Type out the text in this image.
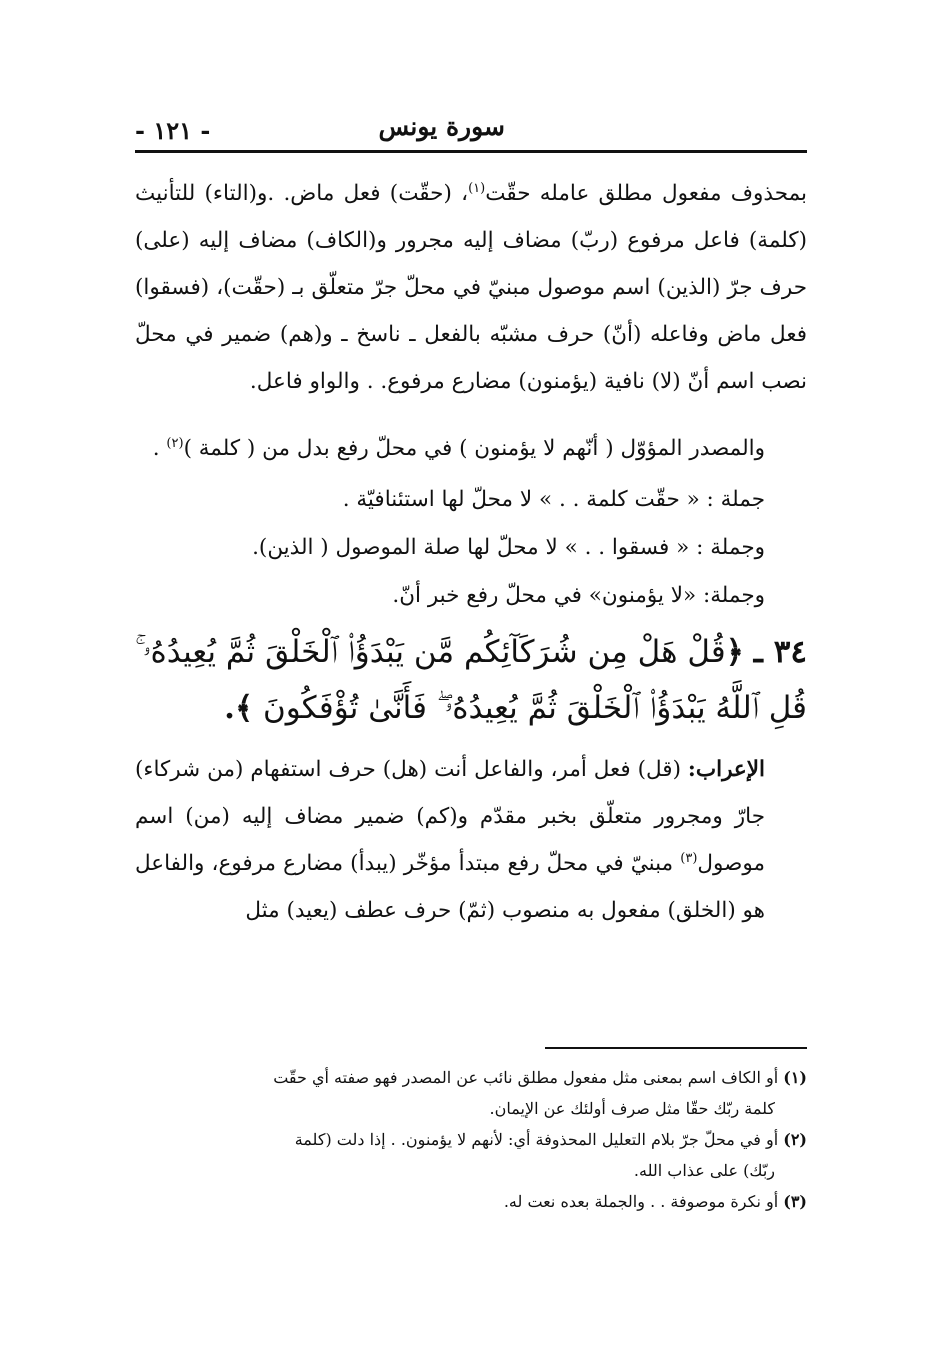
سورة يونس
- ١٢١ -

بمحذوف مفعول مطلق عامله حقّت$^{(١)}$، (حقّت) فعل ماض. .و(التاء) للتأنيث (كلمة) فاعل مرفوع (ربّ) مضاف إليه مجرور و(الكاف) مضاف إليه (على) حرف جرّ (الذين) اسم موصول مبنيّ في محلّ جرّ متعلّق بـ (حقّت)، (فسقوا) فعل ماض وفاعله (أنّ) حرف مشبّه بالفعل ـ ناسخ ـ و(هم) ضمير في محلّ نصب اسم أنّ (لا) نافية (يؤمنون) مضارع مرفوع. . والواو فاعل.

والمصدر المؤوّل ( أنّهم لا يؤمنون ) في محلّ رفع بدل من ( كلمة )$^{(٢)}$ .

جملة : « حقّت كلمة . . » لا محلّ لها استئنافيّة .

وجملة : « فسقوا . . » لا محلّ لها صلة الموصول ( الذين).

وجملة: «لا يؤمنون» في محلّ رفع خبر أنّ.

٣٤ ـ ﴿قُلْ هَلْ مِن شُرَكَآئِكُم مَّن يَبْدَؤُا۟ ٱلْخَلْقَ ثُمَّ يُعِيدُهُۥ ۚ قُلِ ٱللَّهُ يَبْدَؤُا۟ ٱلْخَلْقَ ثُمَّ يُعِيدُهُۥ ۖ فَأَنَّىٰ تُؤْفَكُونَ ﴾.

الإعراب: (قل) فعل أمر، والفاعل أنت (هل) حرف استفهام (من شركاء) جارّ ومجرور متعلّق بخبر مقدّم و(كم) ضمير مضاف إليه (من) اسم موصول$^{(٣)}$ مبنيّ في محلّ رفع مبتدأ مؤخّر (يبدأ) مضارع مرفوع، والفاعل هو (الخلق) مفعول به منصوب (ثمّ) حرف عطف (يعيد) مثل

(١) أو الكاف اسم بمعنى مثل مفعول مطلق نائب عن المصدر فهو صفته أي حقّت

كلمة ربّك حقّا مثل صرف أولئك عن الإيمان.

(٢) أو في محلّ جرّ بلام التعليل المحذوفة أي: لأنهم لا يؤمنون. . إذا دلت (كلمة

ربّك) على عذاب الله.

(٣) أو نكرة موصوفة . . والجملة بعده نعت له.
